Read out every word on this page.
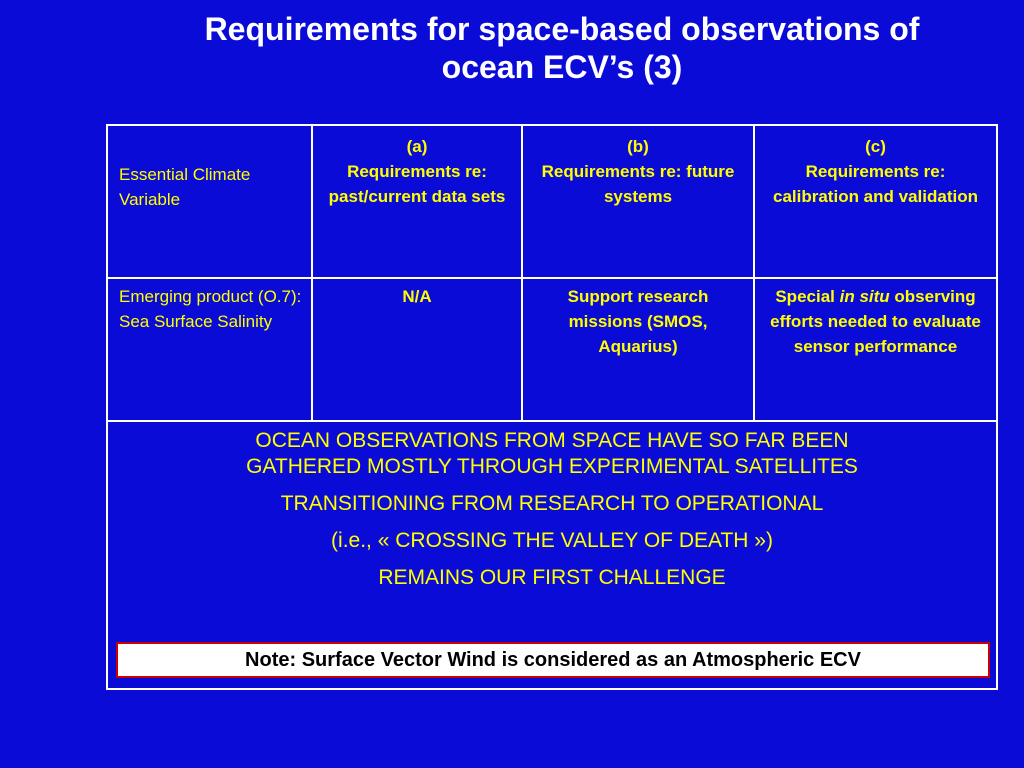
Requirements for space-based observations of
ocean ECV’s (3)
Essential Climate Variable
(a)
Requirements re: past/current data sets
(b)
Requirements re: future systems
(c)
Requirements re: calibration and validation
Emerging product (O.7): Sea Surface Salinity
N/A	Support research missions (SMOS, Aquarius)
Special in situ observing efforts needed to evaluate sensor performance
OCEAN OBSERVATIONS FROM SPACE HAVE SO FAR BEEN
GATHERED MOSTLY THROUGH EXPERIMENTAL SATELLITES
TRANSITIONING FROM RESEARCH TO OPERATIONAL
(i.e., « CROSSING THE VALLEY OF DEATH »)
REMAINS OUR FIRST CHALLENGE
Note: Surface Vector Wind is considered as an Atmospheric ECV
